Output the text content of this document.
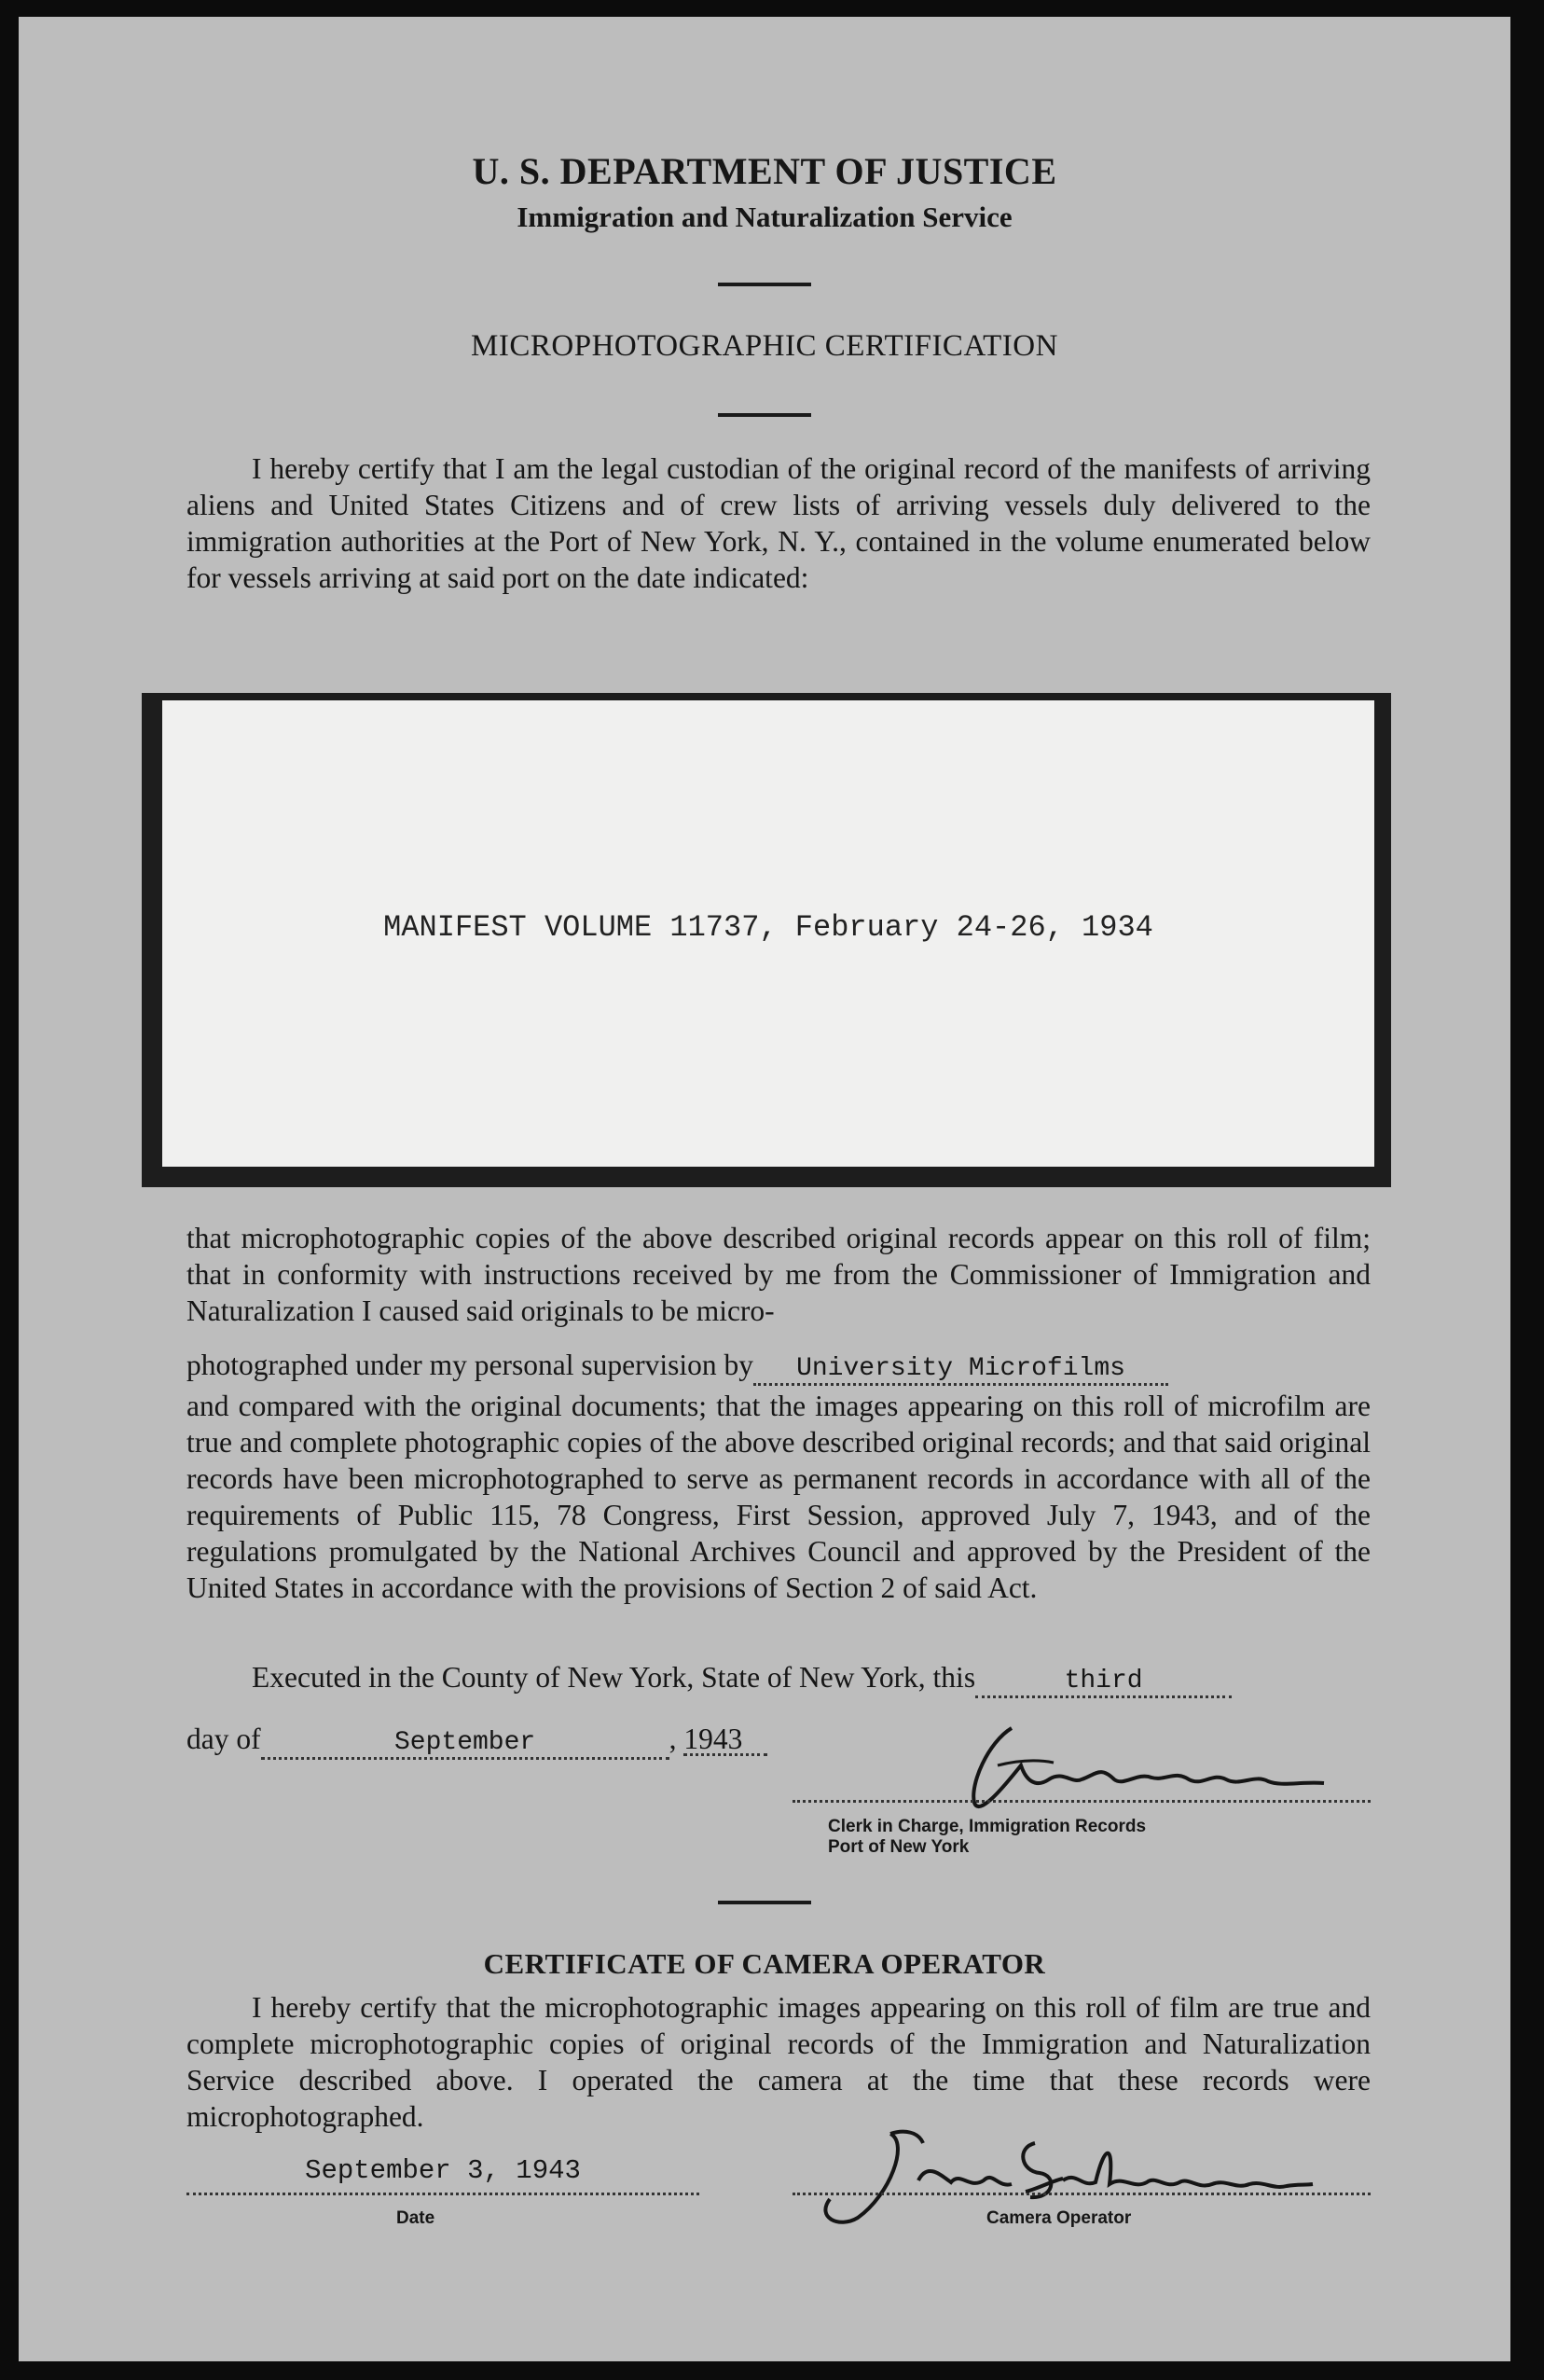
U. S. DEPARTMENT OF JUSTICE
Immigration and Naturalization Service
MICROPHOTOGRAPHIC CERTIFICATION

I hereby certify that I am the legal custodian of the original record of the manifests of arriving aliens and United States Citizens and of crew lists of arriving vessels duly delivered to the immigration authorities at the Port of New York, N. Y., contained in the volume enumerated below for vessels arriving at said port on the date indicated:

MANIFEST VOLUME 11737, February 24-26, 1934

that microphotographic copies of the above described original records appear on this roll of film; that in conformity with instructions received by me from the Commissioner of Immigration and Naturalization I caused said originals to be micro-

photographed under my personal supervision by University Microfilms

and compared with the original documents; that the images appearing on this roll of microfilm are true and complete photographic copies of the above described original records; and that said original records have been microphotographed to serve as permanent records in accordance with all of the requirements of Public 115, 78 Congress, First Session, approved July 7, 1943, and of the regulations promulgated by the National Archives Council and approved by the President of the United States in accordance with the provisions of Section 2 of said Act.

Executed in the County of New York, State of New York, this	third
day of	September	, 1943
Clerk in Charge, Immigration Records
Port of New York
CERTIFICATE OF CAMERA OPERATOR

I hereby certify that the microphotographic images appearing on this roll of film are true and complete microphotographic copies of original records of the Immigration and Naturalization Service described above. I operated the camera at the time that these records were microphotographed.

September 3, 1943
Date	Camera Operator
